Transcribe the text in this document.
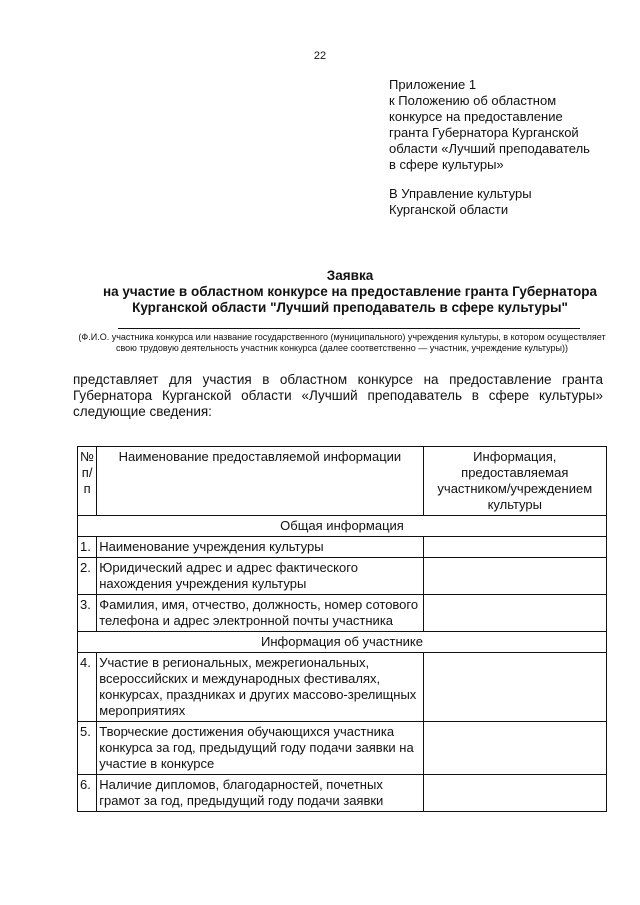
22
Приложение 1
к Положению об областном
конкурсе на предоставление
гранта Губернатора Курганской
области «Лучший преподаватель
в сфере культуры»
В Управление культуры
Курганской области
Заявка
на участие в областном конкурсе на предоставление гранта Губернатора
Курганской области "Лучший преподаватель в сфере культуры"
(Ф.И.О. участника конкурса или название государственного (муниципального) учреждения культуры, в котором осуществляет свою трудовую деятельность участник конкурса (далее соответственно — участник, учреждение культуры))
представляет для участия в областном конкурсе на предоставление гранта Губернатора Курганской области «Лучший преподаватель в сфере культуры» следующие сведения:
№ п/п	Наименование предоставляемой информации	Информация, предоставляемая участником/учреждением культуры
Общая информация		
1.	Наименование учреждения культуры	
2.	Юридический адрес и адрес фактического нахождения учреждения культуры	
3.	Фамилия, имя, отчество, должность, номер сотового телефона и адрес электронной почты участника	
Информация об участнике		
4.	Участие в региональных, межрегиональных, всероссийских и международных фестивалях, конкурсах, праздниках и других массово-зрелищных мероприятиях	
5.	Творческие достижения обучающихся участника конкурса за год, предыдущий году подачи заявки на участие в конкурсе	
6.	Наличие дипломов, благодарностей, почетных грамот за год, предыдущий году подачи заявки	
